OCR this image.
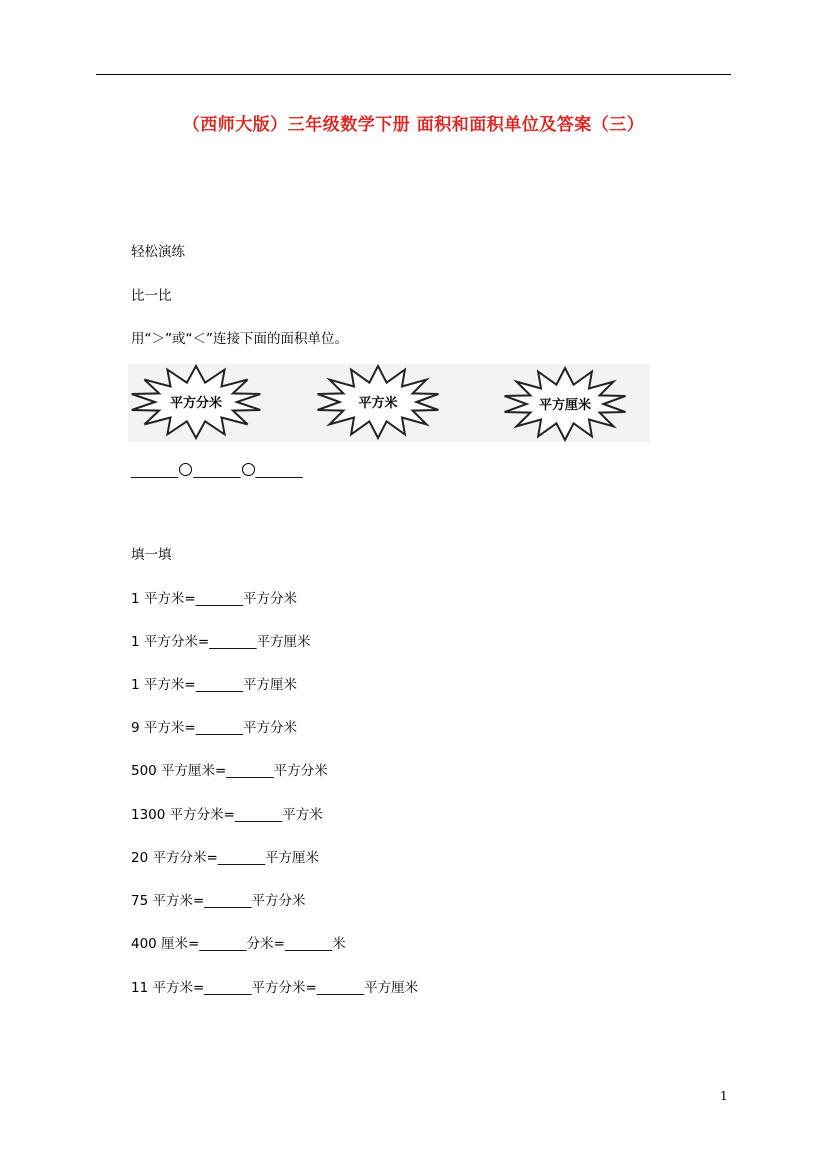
（西师大版）三年级数学下册 面积和面积单位及答案（三）
轻松演练
比一比
用“＞”或“＜”连接下面的面积单位。
平方分米	平方米	平方厘米
_______ _______ _______
填一填
1 平方米=_______平方分米
1 平方分米=_______平方厘米
1 平方米=_______平方厘米
9 平方米=_______平方分米
500 平方厘米=_______平方分米
1300 平方分米=_______平方米
20 平方分米=_______平方厘米
75 平方米=_______平方分米
400 厘米=_______分米=_______米
11 平方米=_______平方分米=_______平方厘米
1
